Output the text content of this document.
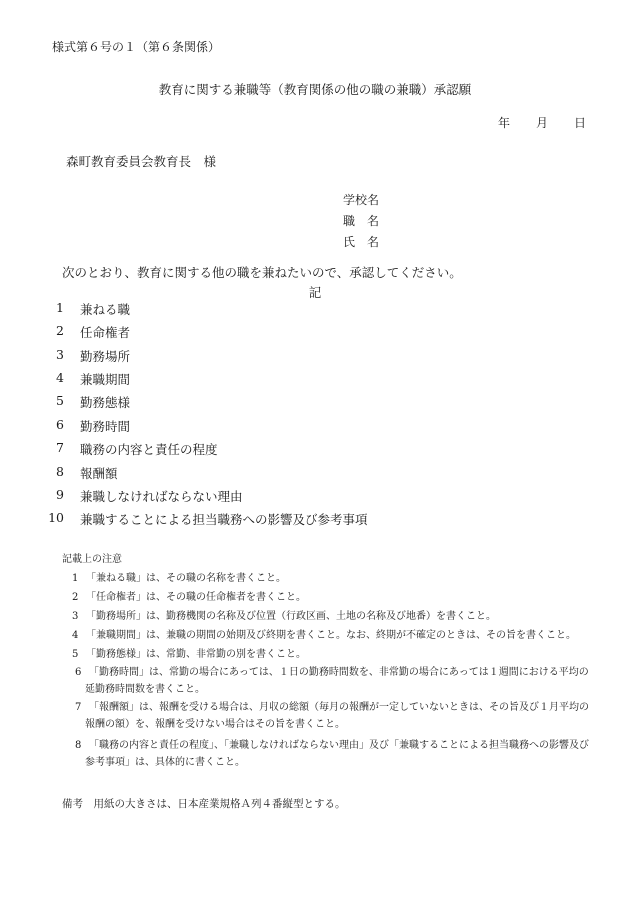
様式第６号の１（第６条関係）
教育に関する兼職等（教育関係の他の職の兼職）承認願
年 月 日
森町教育委員会教育長　様
学校名
職　名
氏　名
次のとおり、教育に関する他の職を兼ねたいので、承認してください。
記
1 兼ねる職
2 任命権者
3 勤務場所
4 兼職期間
5 勤務態様
6 勤務時間
7 職務の内容と責任の程度
8 報酬額
9 兼職しなければならない理由
10 兼職することによる担当職務への影響及び参考事項
記載上の注意
1 「兼ねる職」は、その職の名称を書くこと。
2 「任命権者」は、その職の任命権者を書くこと。
3 「勤務場所」は、勤務機関の名称及び位置（行政区画、土地の名称及び地番）を書くこと。
4 「兼職期間」は、兼職の期間の始期及び終期を書くこと。なお、終期が不確定のときは、その旨を書くこと。
5 「勤務態様」は、常勤、非常勤の別を書くこと。
6 「勤務時間」は、常勤の場合にあっては、１日の勤務時間数を、非常勤の場合にあっては１週間における平均の
延勤務時間数を書くこと。
7 「報酬額」は、報酬を受ける場合は、月収の総額（毎月の報酬が一定していないときは、その旨及び１月平均の
報酬の額）を、報酬を受けない場合はその旨を書くこと。
8 「職務の内容と責任の程度」、「兼職しなければならない理由」及び「兼職することによる担当職務への影響及び
参考事項」は、具体的に書くこと。
備考　用紙の大きさは、日本産業規格Ａ列４番縦型とする。
